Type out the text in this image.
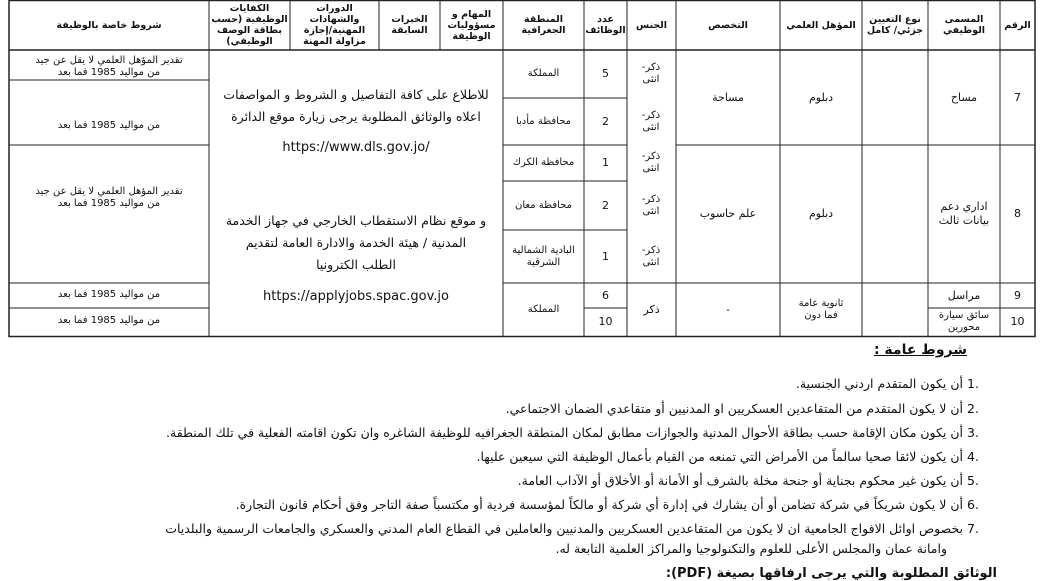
الرقم
المسمى الوظيفي
نوع التعيين جزئي/ كامل
المؤهل العلمي
التخصص
الجنس
عدد الوظائف
المنطقة الجغرافية
المهام و مسؤوليات الوظيفة
الخبرات السابقة
الدورات والشهادات المهنية/إجازة مزاولة المهنة
الكفايات الوظيفية (حسب بطاقة الوصف الوظيفي)
شروط خاصة بالوظيفة
7
مساح
8
اداري دعم بيانات ثالث
9
مراسل
10
سائق سيارة محورين
دبلوم
مساحة
دبلوم
علم حاسوب
ثانوية عامة فما دون
-
ذكر- انثى
5
المملكة
ذكر- انثى
2
محافظة مأدبا
ذكر- انثى
1
محافظة الكرك
ذكر- انثى
2
محافظة معان
ذكر- انثى
1
البادية الشمالية الشرقية
6
10
ذكر
المملكة
للاطلاع على كافة التفاصيل و الشروط و المواصفات
اعلاه والوثائق المطلوبة يرجى زيارة موقع الدائرة
https://www.dls.gov.jo/
و موقع نظام الاستقطاب الخارجي في جهاز الخدمة
المدنية / هيئة الخدمة والادارة العامة لتقديم
الطلب الكترونيا
https://applyjobs.spac.gov.jo
تقدير المؤهل العلمي لا يقل عن جيد
من مواليد 1985 فما بعد
من مواليد 1985 فما بعد
تقدير المؤهل العلمي لا يقل عن جيد
من مواليد 1985 فما بعد
من مواليد 1985 فما بعد
من مواليد 1985 فما بعد
شروط عامة :
1. أن يكون المتقدم اردني الجنسية.
2. أن لا يكون المتقدم من المتقاعدين العسكريين او المدنيين أو متقاعدي الضمان الاجتماعي.
3. أن يكون مكان الإقامة حسب بطاقة الأحوال المدنية والجوازات مطابق لمكان المنطقة الجغرافيه للوظيفة الشاغره وان تكون اقامته الفعلية في تلك المنطقة.
4. أن يكون لائقا صحيا سالماً من الأمراض التي تمنعه من القيام بأعمال الوظيفة التي سيعين عليها.
5. أن يكون غير محكوم بجناية أو جنحة مخلة بالشرف أو الأمانة أو الأخلاق أو الآداب العامة.
6. أن لا يكون شريكاً في شركة تضامن أو أن يشارك في إدارة أي شركة أو مالكاً لمؤسسة فردية أو مكتسباً صفة التاجر وفق أحكام قانون التجارة.
7. بخصوص اوائل الافواج الجامعية ان لا يكون من المتقاعدين العسكريين والمدنيين والعاملين في القطاع العام المدني والعسكري والجامعات الرسمية والبلديات
وامانة عمان والمجلس الأعلى للعلوم والتكنولوجيا والمراكز العلمية التابعة له.
الوثائق المطلوبة والتي يرجى ارفاقها بصيغة (PDF):
